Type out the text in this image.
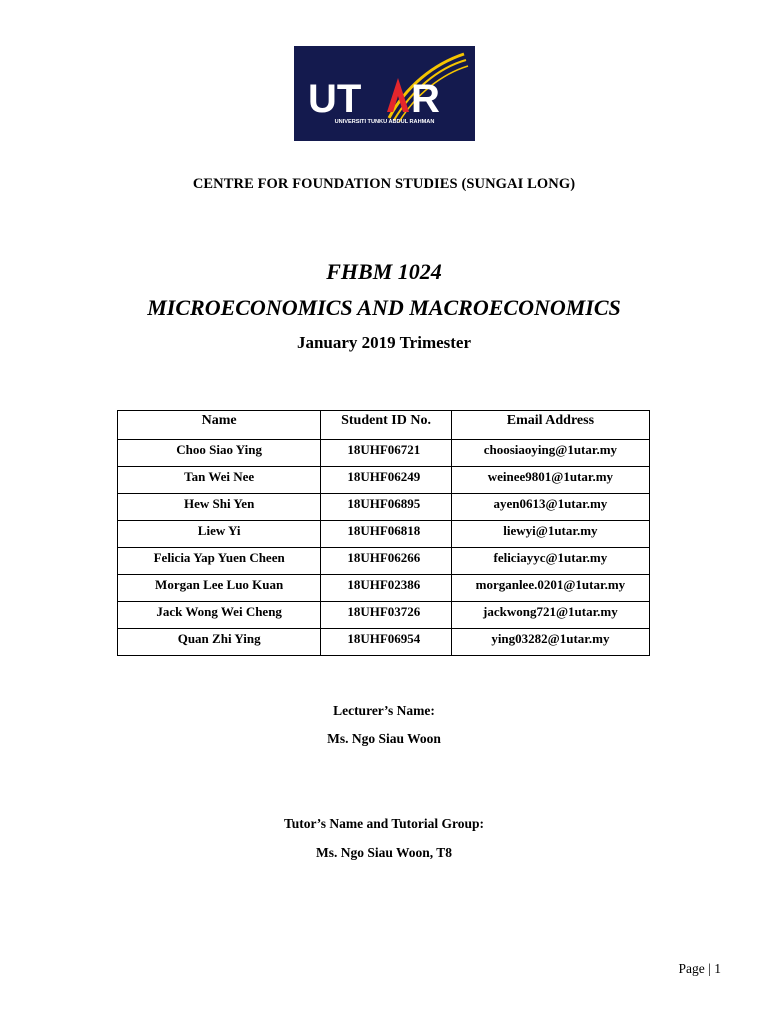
UT R
UNIVERSITI TUNKU ABDUL RAHMAN
CENTRE FOR FOUNDATION STUDIES (SUNGAI LONG)
FHBM 1024
MICROECONOMICS AND MACROECONOMICS
January 2019 Trimester
Name	Student ID No.	Email Address
Choo Siao Ying	18UHF06721	choosiaoying@1utar.my
Tan Wei Nee	18UHF06249	weinee9801@1utar.my
Hew Shi Yen	18UHF06895	ayen0613@1utar.my
Liew Yi	18UHF06818	liewyi@1utar.my
Felicia Yap Yuen Cheen	18UHF06266	feliciayyc@1utar.my
Morgan Lee Luo Kuan	18UHF02386	morganlee.0201@1utar.my
Jack Wong Wei Cheng	18UHF03726	jackwong721@1utar.my
Quan Zhi Ying	18UHF06954	ying03282@1utar.my
Lecturer’s Name:
Ms. Ngo Siau Woon
Tutor’s Name and Tutorial Group:
Ms. Ngo Siau Woon, T8
Page | 1
